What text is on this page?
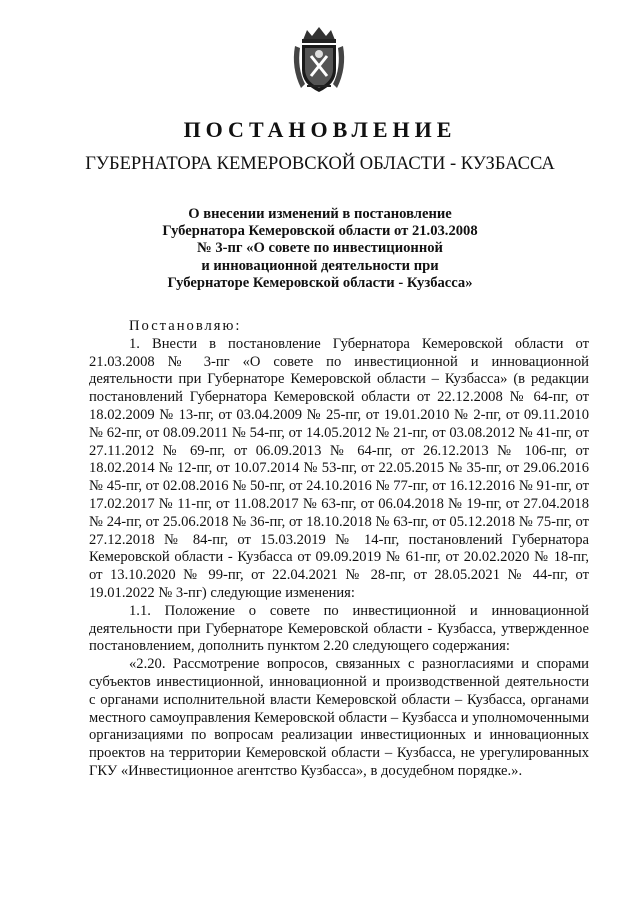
ПОСТАНОВЛЕНИЕ
ГУБЕРНАТОРА КЕМЕРОВСКОЙ ОБЛАСТИ - КУЗБАССА
О внесении изменений в постановление
Губернатора Кемеровской области от 21.03.2008
№ 3-пг «О совете по инвестиционной
и инновационной деятельности при
Губернаторе Кемеровской области - Кузбасса»

Постановляю:

1. Внести в постановление Губернатора Кемеровской области от 21.03.2008 № 3-пг «О совете по инвестиционной и инновационной деятельности при Губернаторе Кемеровской области – Кузбасса» (в редакции постановлений Губернатора Кемеровской области от 22.12.2008 № 64-пг, от 18.02.2009 № 13-пг, от 03.04.2009 № 25-пг, от 19.01.2010 № 2-пг, от 09.11.2010 № 62-пг, от 08.09.2011 № 54-пг, от 14.05.2012 № 21-пг, от 03.08.2012 № 41-пг, от 27.11.2012 № 69-пг, от 06.09.2013 № 64-пг, от 26.12.2013 № 106-пг, от 18.02.2014 № 12-пг, от 10.07.2014 № 53-пг, от 22.05.2015 № 35-пг, от 29.06.2016 № 45-пг, от 02.08.2016 № 50-пг, от 24.10.2016 № 77-пг, от 16.12.2016 № 91-пг, от 17.02.2017 № 11-пг, от 11.08.2017 № 63-пг, от 06.04.2018 № 19-пг, от 27.04.2018 № 24-пг, от 25.06.2018 № 36-пг, от 18.10.2018 № 63-пг, от 05.12.2018 № 75-пг, от 27.12.2018 № 84-пг, от 15.03.2019 № 14-пг, постановлений Губернатора Кемеровской области - Кузбасса от 09.09.2019 № 61-пг, от 20.02.2020 № 18-пг, от 13.10.2020 № 99-пг, от 22.04.2021 № 28-пг, от 28.05.2021 № 44-пг, от 19.01.2022 № 3-пг) следующие изменения:

1.1. Положение о совете по инвестиционной и инновационной деятельности при Губернаторе Кемеровской области - Кузбасса, утвержденное постановлением, дополнить пунктом 2.20 следующего содержания:

«2.20. Рассмотрение вопросов, связанных с разногласиями и спорами субъектов инвестиционной, инновационной и производственной деятельности с органами исполнительной власти Кемеровской области – Кузбасса, органами местного самоуправления Кемеровской области – Кузбасса и уполномоченными организациями по вопросам реализации инвестиционных и инновационных проектов на территории Кемеровской области – Кузбасса, не урегулированных ГКУ «Инвестиционное агентство Кузбасса», в досудебном порядке.».
